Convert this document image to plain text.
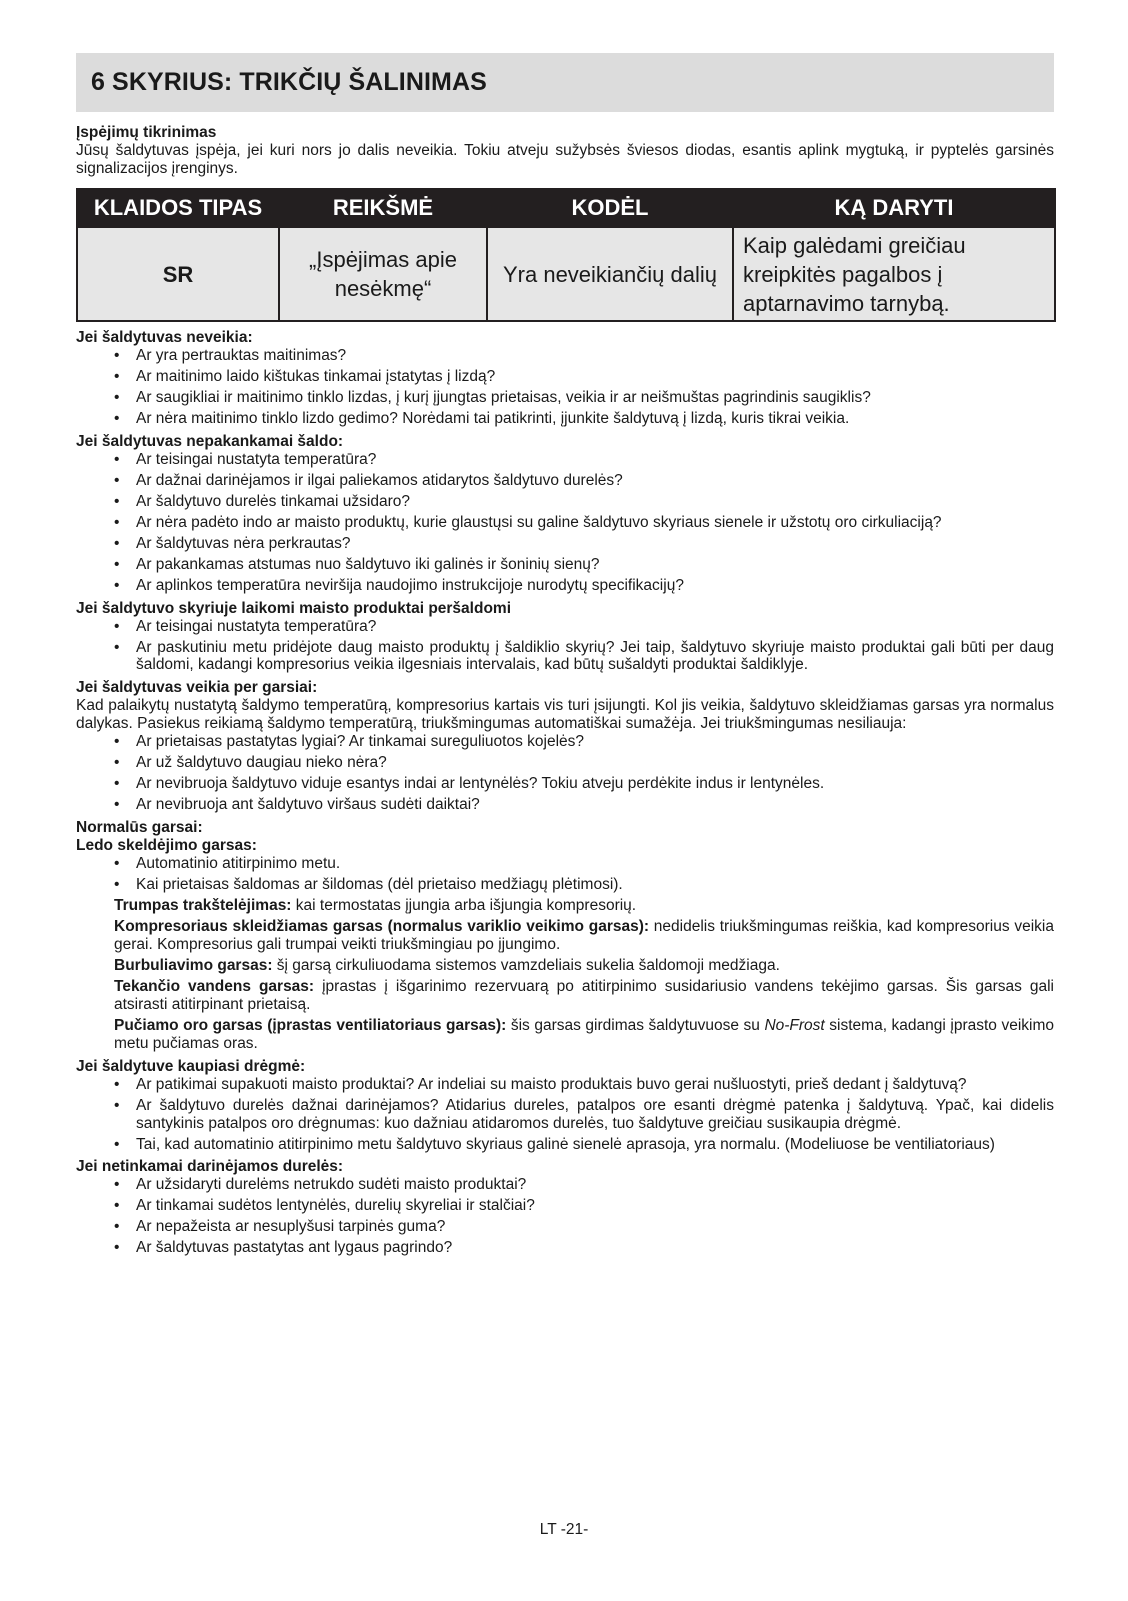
6 SKYRIUS: TRIKČIŲ ŠALINIMAS

Įspėjimų tikrinimas

Jūsų šaldytuvas įspėja, jei kuri nors jo dalis neveikia. Tokiu atveju sužybsės šviesos diodas, esantis aplink mygtuką, ir pyptelės garsinės signalizacijos įrenginys.

KLAIDOS TIPAS	REIKŠMĖ	KODĖL	KĄ DARYTI
SR	„Įspėjimas apie nesėkmę“	Yra neveikiančių dalių	Kaip galėdami greičiau kreipkitės pagalbos į aptarnavimo tarnybą.

Jei šaldytuvas neveikia:

• Ar yra pertrauktas maitinimas?
• Ar maitinimo laido kištukas tinkamai įstatytas į lizdą?
• Ar saugikliai ir maitinimo tinklo lizdas, į kurį įjungtas prietaisas, veikia ir ar neišmuštas pagrindinis saugiklis?
• Ar nėra maitinimo tinklo lizdo gedimo? Norėdami tai patikrinti, įjunkite šaldytuvą į lizdą, kuris tikrai veikia.

Jei šaldytuvas nepakankamai šaldo:

• Ar teisingai nustatyta temperatūra?
• Ar dažnai darinėjamos ir ilgai paliekamos atidarytos šaldytuvo durelės?
• Ar šaldytuvo durelės tinkamai užsidaro?
• Ar nėra padėto indo ar maisto produktų, kurie glaustųsi su galine šaldytuvo skyriaus sienele ir užstotų oro cirkuliaciją?
• Ar šaldytuvas nėra perkrautas?
• Ar pakankamas atstumas nuo šaldytuvo iki galinės ir šoninių sienų?
• Ar aplinkos temperatūra neviršija naudojimo instrukcijoje nurodytų specifikacijų?

Jei šaldytuvo skyriuje laikomi maisto produktai peršaldomi

• Ar teisingai nustatyta temperatūra?
• Ar paskutiniu metu pridėjote daug maisto produktų į šaldiklio skyrių? Jei taip, šaldytuvo skyriuje maisto produktai gali būti per daug šaldomi, kadangi kompresorius veikia ilgesniais intervalais, kad būtų sušaldyti produktai šaldiklyje.

Jei šaldytuvas veikia per garsiai:

Kad palaikytų nustatytą šaldymo temperatūrą, kompresorius kartais vis turi įsijungti. Kol jis veikia, šaldytuvo skleidžiamas garsas yra normalus dalykas. Pasiekus reikiamą šaldymo temperatūrą, triukšmingumas automatiškai sumažėja. Jei triukšmingumas nesiliauja:

• Ar prietaisas pastatytas lygiai? Ar tinkamai sureguliuotos kojelės?
• Ar už šaldytuvo daugiau nieko nėra?
• Ar nevibruoja šaldytuvo viduje esantys indai ar lentynėlės? Tokiu atveju perdėkite indus ir lentynėles.
• Ar nevibruoja ant šaldytuvo viršaus sudėti daiktai?

Normalūs garsai:

Ledo skeldėjimo garsas:

• Automatinio atitirpinimo metu.
• Kai prietaisas šaldomas ar šildomas (dėl prietaiso medžiagų plėtimosi).

Trumpas trakštelėjimas: kai termostatas įjungia arba išjungia kompresorių.

Kompresoriaus skleidžiamas garsas (normalus variklio veikimo garsas): nedidelis triukšmingumas reiškia, kad kompresorius veikia gerai. Kompresorius gali trumpai veikti triukšmingiau po įjungimo.

Burbuliavimo garsas: šį garsą cirkuliuodama sistemos vamzdeliais sukelia šaldomoji medžiaga.

Tekančio vandens garsas: įprastas į išgarinimo rezervuarą po atitirpinimo susidariusio vandens tekėjimo garsas. Šis garsas gali atsirasti atitirpinant prietaisą.

Pučiamo oro garsas (įprastas ventiliatoriaus garsas): šis garsas girdimas šaldytuvuose su No-Frost sistema, kadangi įprasto veikimo metu pučiamas oras.

Jei šaldytuve kaupiasi drėgmė:

• Ar patikimai supakuoti maisto produktai? Ar indeliai su maisto produktais buvo gerai nušluostyti, prieš dedant į šaldytuvą?
• Ar šaldytuvo durelės dažnai darinėjamos? Atidarius dureles, patalpos ore esanti drėgmė patenka į šaldytuvą. Ypač, kai didelis santykinis patalpos oro drėgnumas: kuo dažniau atidaromos durelės, tuo šaldytuve greičiau susikaupia drėgmė.
• Tai, kad automatinio atitirpinimo metu šaldytuvo skyriaus galinė sienelė aprasoja, yra normalu. (Modeliuose be ventiliatoriaus)

Jei netinkamai darinėjamos durelės:

• Ar užsidaryti durelėms netrukdo sudėti maisto produktai?
• Ar tinkamai sudėtos lentynėlės, durelių skyreliai ir stalčiai?
• Ar nepažeista ar nesuplyšusi tarpinės guma?
• Ar šaldytuvas pastatytas ant lygaus pagrindo?
LT -21-
